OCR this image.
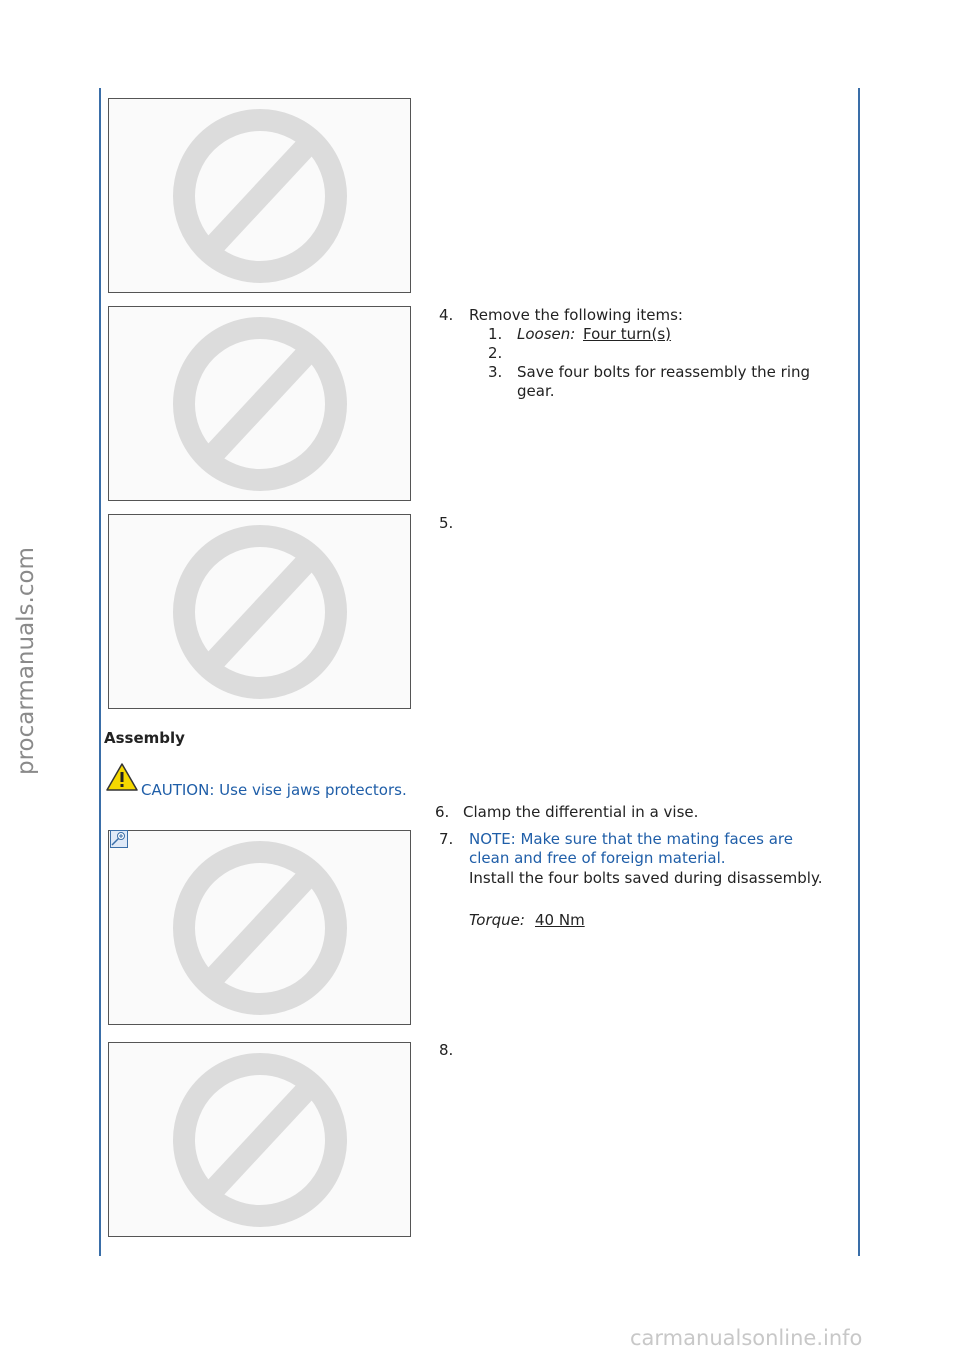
procarmanuals.com
4. Remove the following items:
1. Loosen: Four turn(s)
2.
3. Save four bolts for reassembly the ring
gear.
5.
Assembly
CAUTION: Use vise jaws protectors.
6. Clamp the differential in a vise.
7. NOTE: Make sure that the mating faces are
clean and free of foreign material.
Install the four bolts saved during disassembly.
Torque: 40 Nm
8.
carmanualsonline.info
